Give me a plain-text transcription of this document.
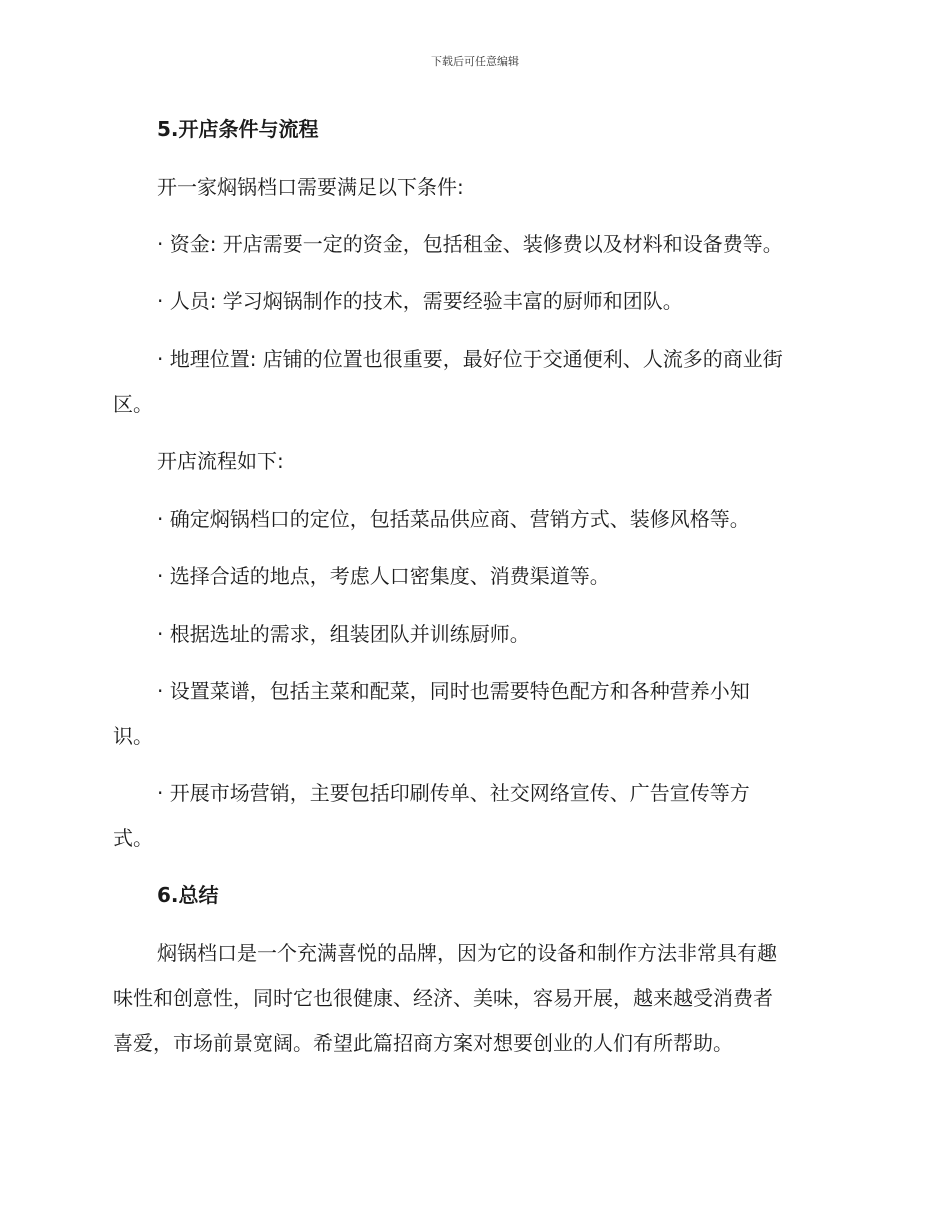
下载后可任意编辑
5.开店条件与流程
开一家焖锅档口需要满足以下条件:
· 资金: 开店需要一定的资金，包括租金、装修费以及材料和设备费等。
· 人员: 学习焖锅制作的技术，需要经验丰富的厨师和团队。
· 地理位置: 店铺的位置也很重要，最好位于交通便利、人流多的商业街
区。
开店流程如下:
· 确定焖锅档口的定位，包括菜品供应商、营销方式、装修风格等。
· 选择合适的地点，考虑人口密集度、消费渠道等。
· 根据选址的需求，组装团队并训练厨师。
· 设置菜谱，包括主菜和配菜，同时也需要特色配方和各种营养小知
识。
· 开展市场营销，主要包括印刷传单、社交网络宣传、广告宣传等方
式。
6.总结
焖锅档口是一个充满喜悦的品牌，因为它的设备和制作方法非常具有趣
味性和创意性，同时它也很健康、经济、美味，容易开展，越来越受消费者
喜爱，市场前景宽阔。希望此篇招商方案对想要创业的人们有所帮助。
